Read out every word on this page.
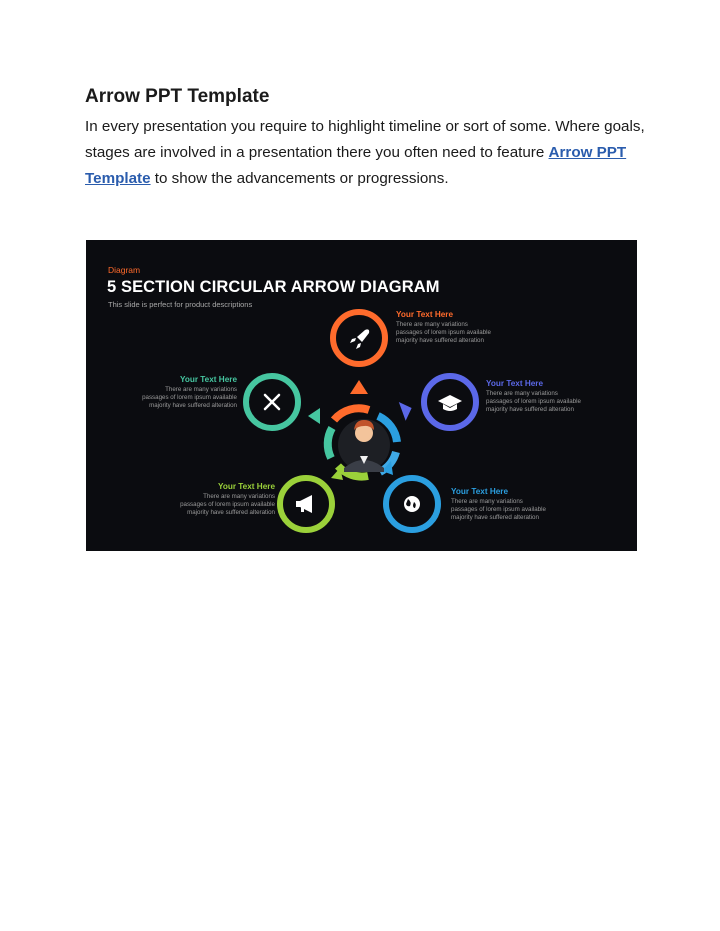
Arrow PPT Template

In every presentation you require to highlight timeline or sort of some. Where goals, stages are involved in a presentation there you often need to feature Arrow PPT Template to show the advancements or progressions.

Diagram
5 SECTION CIRCULAR ARROW DIAGRAM
This slide is perfect for product descriptions
Your Text Here
There are many variations passages of lorem ipsum available majority have suffered alteration
Your Text Here
There are many variations passages of lorem ipsum available majority have suffered alteration
Your Text Here
There are many variations passages of lorem ipsum available majority have suffered alteration
Your Text Here
There are many variations passages of lorem ipsum available majority have suffered alteration
Your Text Here
There are many variations passages of lorem ipsum available majority have suffered alteration
